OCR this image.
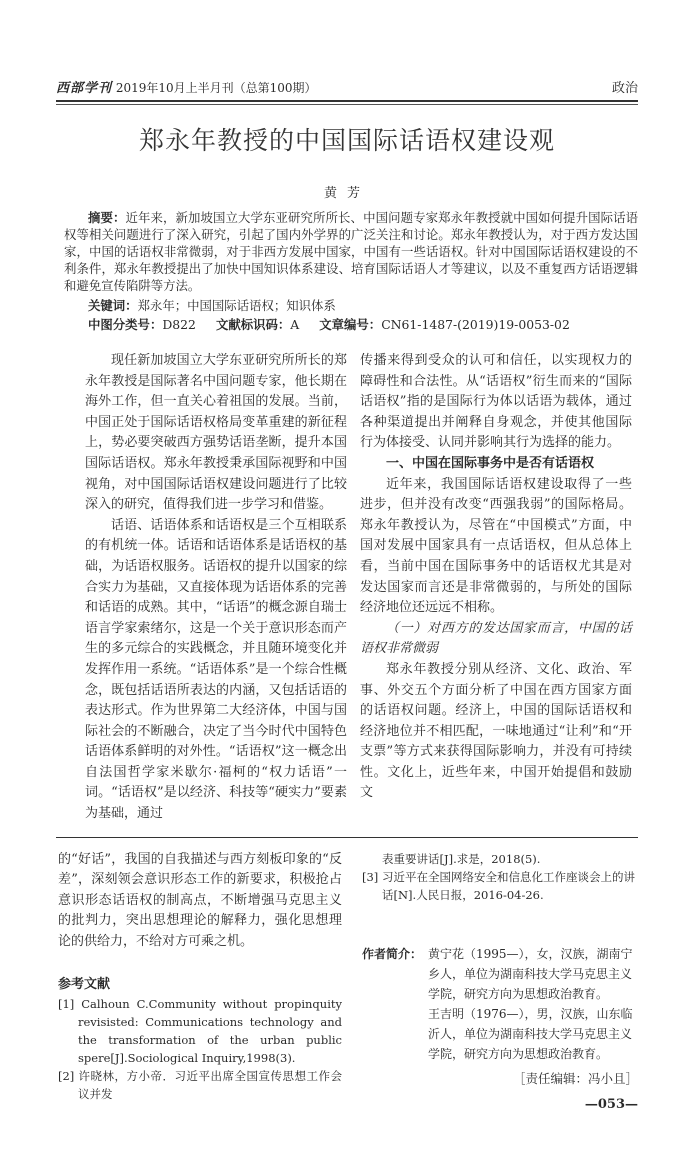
西部学刊 2019年10月上半月刊（总第100期）	政治
郑永年教授的中国国际话语权建设观
黄芳
摘要：近年来，新加坡国立大学东亚研究所所长、中国问题专家郑永年教授就中国如何提升国际话语权等相关问题进行了深入研究，引起了国内外学界的广泛关注和讨论。郑永年教授认为，对于西方发达国家，中国的话语权非常微弱，对于非西方发展中国家，中国有一些话语权。针对中国国际话语权建设的不利条件，郑永年教授提出了加快中国知识体系建设、培育国际话语人才等建议，以及不重复西方话语逻辑和避免宣传陷阱等方法。
关键词：郑永年；中国国际话语权；知识体系
中图分类号：D822 文献标识码：A 文章编号：CN61-1487-(2019)19-0053-02

现任新加坡国立大学东亚研究所所长的郑永年教授是国际著名中国问题专家，他长期在海外工作，但一直关心着祖国的发展。当前，中国正处于国际话语权格局变革重建的新征程上，势必要突破西方强势话语垄断，提升本国国际话语权。郑永年教授秉承国际视野和中国视角，对中国国际话语权建设问题进行了比较深入的研究，值得我们进一步学习和借鉴。

话语、话语体系和话语权是三个互相联系的有机统一体。话语和话语体系是话语权的基础，为话语权服务。话语权的提升以国家的综合实力为基础，又直接体现为话语体系的完善和话语的成熟。其中，“话语”的概念源自瑞士语言学家索绪尔，这是一个关于意识形态而产生的多元综合的实践概念，并且随环境变化并发挥作用一系统。“话语体系”是一个综合性概念，既包括话语所表达的内涵，又包括话语的表达形式。作为世界第二大经济体，中国与国际社会的不断融合，决定了当今时代中国特色话语体系鲜明的对外性。“话语权”这一概念出自法国哲学家米歇尔·福柯的“权力话语”一词。“话语权”是以经济、科技等“硬实力”要素为基础，通过

传播来得到受众的认可和信任，以实现权力的障碍性和合法性。从“话语权”衍生而来的“国际话语权”指的是国际行为体以话语为载体，通过各种渠道提出并阐释自身观念，并使其他国际行为体接受、认同并影响其行为选择的能力。

一、中国在国际事务中是否有话语权

近年来，我国国际话语权建设取得了一些进步，但并没有改变“西强我弱”的国际格局。郑永年教授认为，尽管在“中国模式”方面，中国对发展中国家具有一点话语权，但从总体上看，当前中国在国际事务中的话语权尤其是对发达国家而言还是非常微弱的，与所处的国际经济地位还远远不相称。

（一）对西方的发达国家而言，中国的话语权非常微弱

郑永年教授分别从经济、文化、政治、军事、外交五个方面分析了中国在西方国家方面的话语权问题。经济上，中国的国际话语权和经济地位并不相匹配，一味地通过“让利”和“开支票”等方式来获得国际影响力，并没有可持续性。文化上，近些年来，中国开始提倡和鼓励文

的“好话”，我国的自我描述与西方刻板印象的“反差”，深刻领会意识形态工作的新要求，积极抢占意识形态话语权的制高点，不断增强马克思主义的批判力，突出思想理论的解释力，强化思想理论的供给力，不给对方可乘之机。

参考文献
[1] Calhoun C.Community without propinquity revisisted: Communications technology and the transformation of the urban public spere[J].Sociological Inquiry,1998(3).
[2] 许晓林，方小帝．习近平出席全国宣传思想工作会议并发
表重要讲话[J].求是，2018(5).
[3] 习近平在全国网络安全和信息化工作座谈会上的讲话[N].人民日报，2016-04-26.
作者简介： 黄宁花（1995—），女，汉族，湖南宁乡人，单位为湖南科技大学马克思主义学院，研究方向为思想政治教育。

王吉明（1976—），男，汉族，山东临沂人，单位为湖南科技大学马克思主义学院，研究方向为思想政治教育。

［责任编辑：冯小且］
—053—
